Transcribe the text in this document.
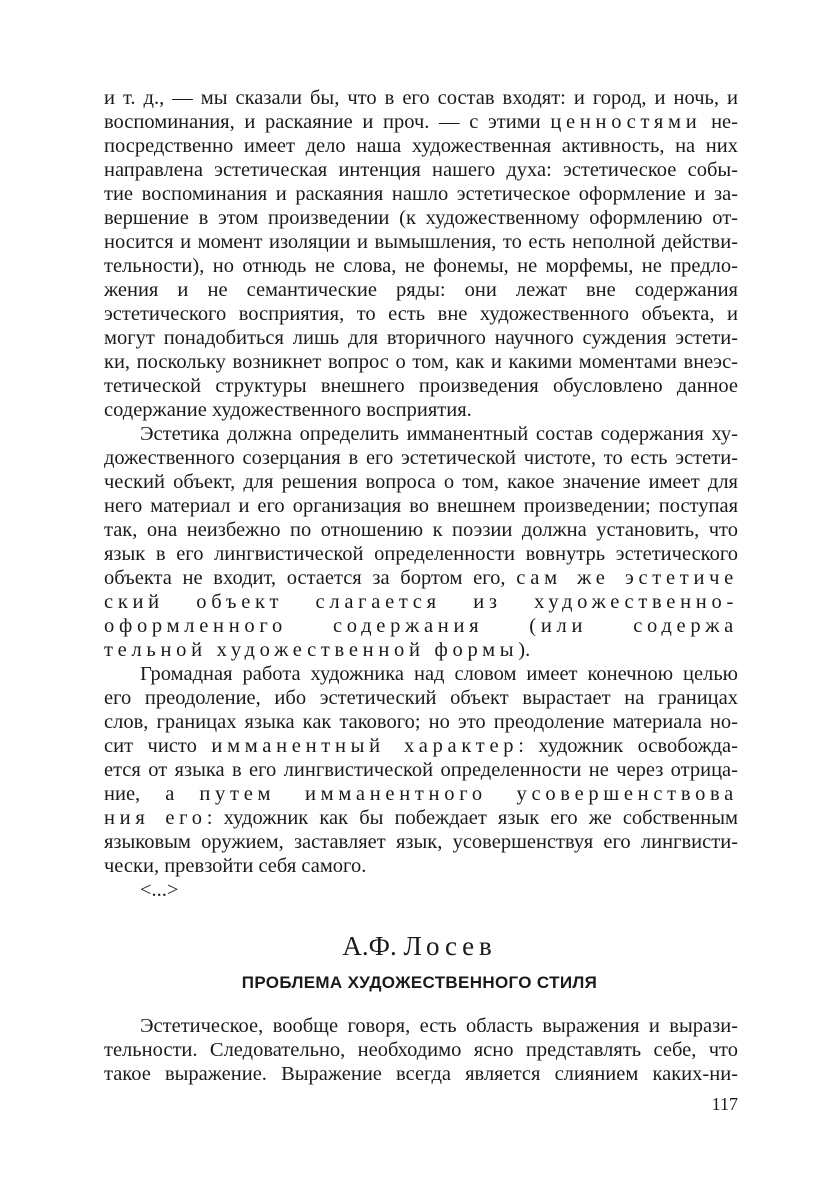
и т. д., — мы сказали бы, что в его состав входят: и город, и ночь, и
воспоминания, и раскаяние и проч. — с этими ценностями не-
посредственно имеет дело наша художественная активность, на них
направлена эстетическая интенция нашего духа: эстетическое собы-
тие воспоминания и раскаяния нашло эстетическое оформление и за-
вершение в этом произведении (к художественному оформлению от-
носится и момент изоляции и вымышления, то есть неполной действи-
тельности), но отнюдь не слова, не фонемы, не морфемы, не предло-
жения и не семантические ряды: они лежат вне содержания
эстетического восприятия, то есть вне художественного объекта, и
могут понадобиться лишь для вторичного научного суждения эстети-
ки, поскольку возникнет вопрос о том, как и какими моментами внеэс-
тетической структуры внешнего произведения обусловлено данное
содержание художественного восприятия.
Эстетика должна определить имманентный состав содержания ху-
дожественного созерцания в его эстетической чистоте, то есть эстети-
ческий объект, для решения вопроса о том, какое значение имеет для
него материал и его организация во внешнем произведении; поступая
так, она неизбежно по отношению к поэзии должна установить, что
язык в его лингвистической определенности вовнутрь эстетического
объекта не входит, остается за бортом его, сам же эстетиче
ский объект слагается из художественно-
оформленного содержания (или содержа
тельной художественной формы).
Громадная работа художника над словом имеет конечною целью
его преодоление, ибо эстетический объект вырастает на границах
слов, границах языка как такового; но это преодоление материала но-
сит чисто имманентный характер: художник освобожда-
ется от языка в его лингвистической определенности не через отрица-
ние, а путем имманентного усовершенствова
ния его: художник как бы побеждает язык его же собственным
языковым оружием, заставляет язык, усовершенствуя его лингвисти-
чески, превзойти себя самого.
<...>
А.Ф. Лосев
ПРОБЛЕМА ХУДОЖЕСТВЕННОГО СТИЛЯ
Эстетическое, вообще говоря, есть область выражения и вырази-
тельности. Следовательно, необходимо ясно представлять себе, что
такое выражение. Выражение всегда является слиянием каких-ни-
117
